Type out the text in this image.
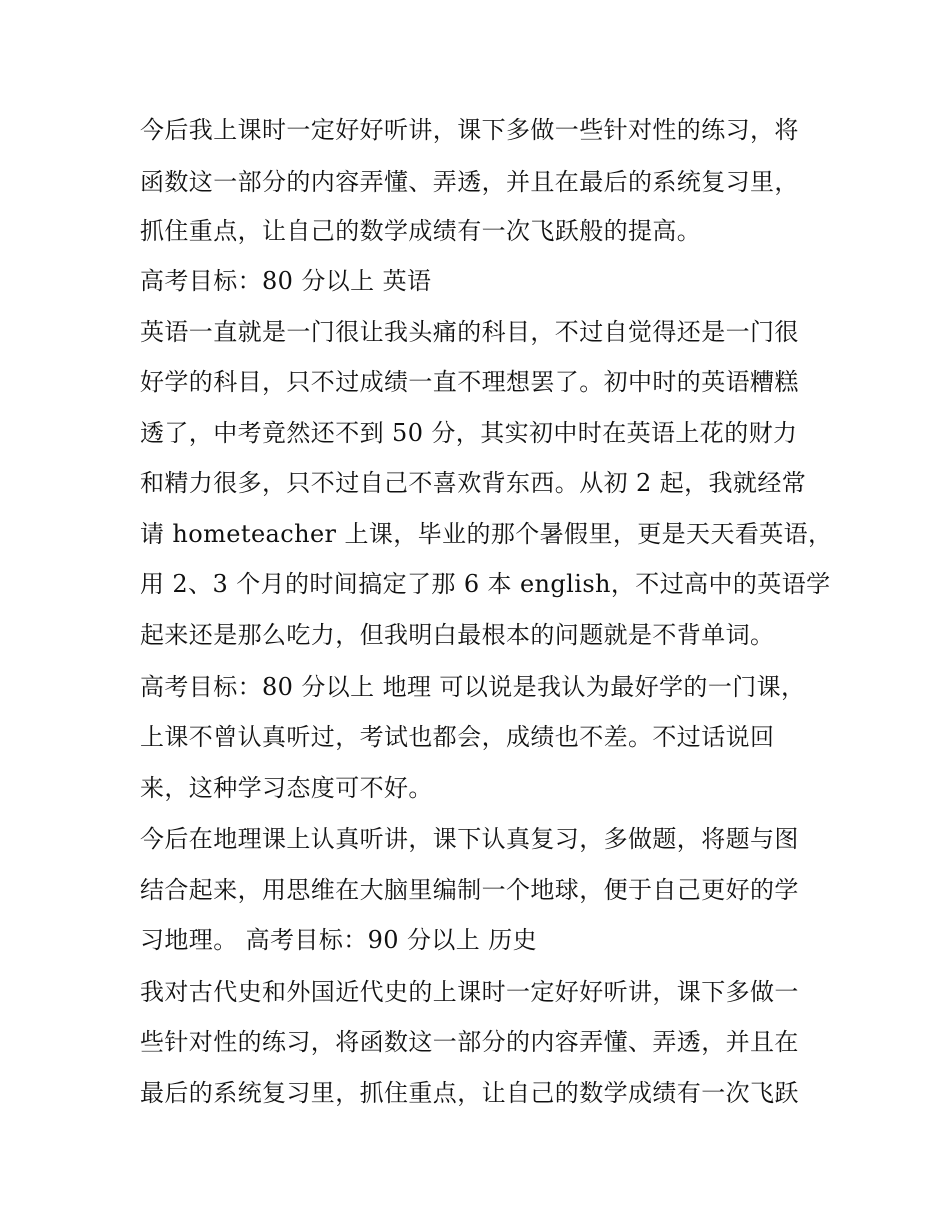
今后我上课时一定好好听讲，课下多做一些针对性的练习，将
函数这一部分的内容弄懂、弄透，并且在最后的系统复习里，
抓住重点，让自己的数学成绩有一次飞跃般的提高。
高考目标：80 分以上 英语
英语一直就是一门很让我头痛的科目，不过自觉得还是一门很
好学的科目，只不过成绩一直不理想罢了。初中时的英语糟糕
透了，中考竟然还不到 50 分，其实初中时在英语上花的财力
和精力很多，只不过自己不喜欢背东西。从初 2 起，我就经常
请 hometeacher 上课，毕业的那个暑假里，更是天天看英语，
用 2、3 个月的时间搞定了那 6 本 english，不过高中的英语学
起来还是那么吃力，但我明白最根本的问题就是不背单词。
高考目标：80 分以上 地理 可以说是我认为最好学的一门课，
上课不曾认真听过，考试也都会，成绩也不差。不过话说回
来，这种学习态度可不好。
今后在地理课上认真听讲，课下认真复习，多做题，将题与图
结合起来，用思维在大脑里编制一个地球，便于自己更好的学
习地理。 高考目标：90 分以上 历史
我对古代史和外国近代史的上课时一定好好听讲，课下多做一
些针对性的练习，将函数这一部分的内容弄懂、弄透，并且在
最后的系统复习里，抓住重点，让自己的数学成绩有一次飞跃
